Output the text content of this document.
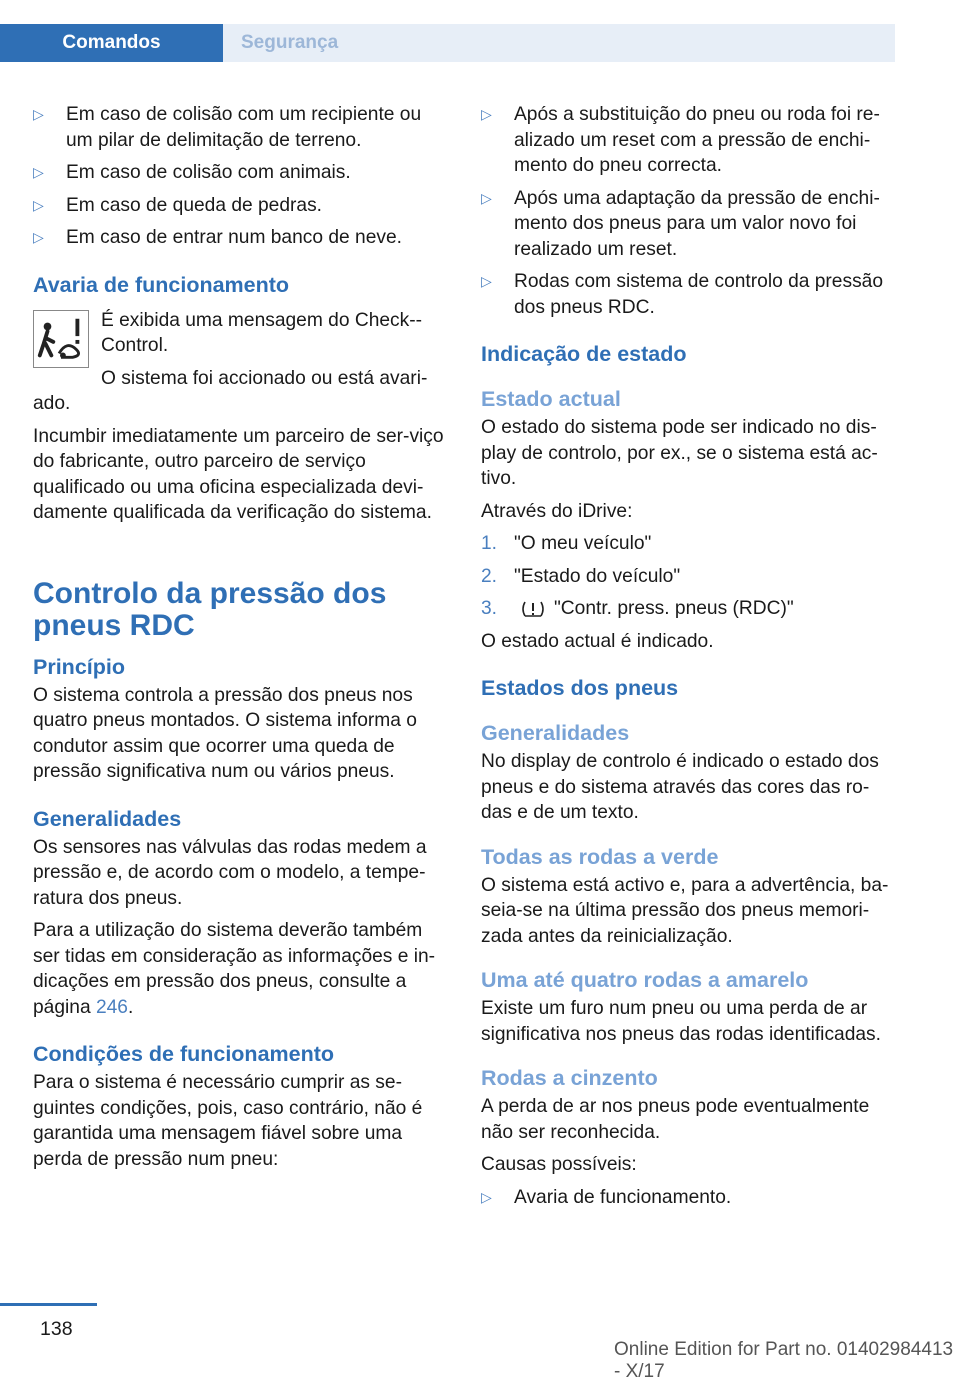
Comandos	Segurança
▷ Em caso de colisão com um recipiente ou um pilar de delimitação de terreno.
▷ Em caso de colisão com animais.
▷ Em caso de queda de pedras.
▷ Em caso de entrar num banco de neve.
Avaria de funcionamento

É exibida uma mensagem do Check-‐Control.

O sistema foi accionado ou está avari‐ado.

Incumbir imediatamente um parceiro de ser‐viço do fabricante, outro parceiro de serviço qualificado ou uma oficina especializada devi‐damente qualificada da verificação do sistema.

Controlo da pressão dos pneus RDC
Princípio

O sistema controla a pressão dos pneus nos quatro pneus montados. O sistema informa o condutor assim que ocorrer uma queda de pressão significativa num ou vários pneus.

Generalidades

Os sensores nas válvulas das rodas medem a pressão e, de acordo com o modelo, a tempe‐ratura dos pneus.

Para a utilização do sistema deverão também ser tidas em consideração as informações e in‐dicações em pressão dos pneus, consulte a página 246.

Condições de funcionamento

Para o sistema é necessário cumprir as se‐guintes condições, pois, caso contrário, não é garantida uma mensagem fiável sobre uma perda de pressão num pneu:

▷ Após a substituição do pneu ou roda foi re‐alizado um reset com a pressão de enchi‐mento do pneu correcta.
▷ Após uma adaptação da pressão de enchi‐mento dos pneus para um valor novo foi realizado um reset.
▷ Rodas com sistema de controlo da pressão dos pneus RDC.
Indicação de estado
Estado actual

O estado do sistema pode ser indicado no dis‐play de controlo, por ex., se o sistema está ac‐tivo.

Através do iDrive:

1. "O meu veículo"
2. "Estado do veículo"
3.	"Contr. press. pneus (RDC)"

O estado actual é indicado.

Estados dos pneus
Generalidades

No display de controlo é indicado o estado dos pneus e do sistema através das cores das ro‐das e de um texto.

Todas as rodas a verde

O sistema está activo e, para a advertência, ba‐seia-se na última pressão dos pneus memori‐zada antes da reinicialização.

Uma até quatro rodas a amarelo

Existe um furo num pneu ou uma perda de ar significativa nos pneus das rodas identificadas.

Rodas a cinzento

A perda de ar nos pneus pode eventualmente não ser reconhecida.

Causas possíveis:

▷ Avaria de funcionamento.
138
Online Edition for Part no. 01402984413 - X/17
